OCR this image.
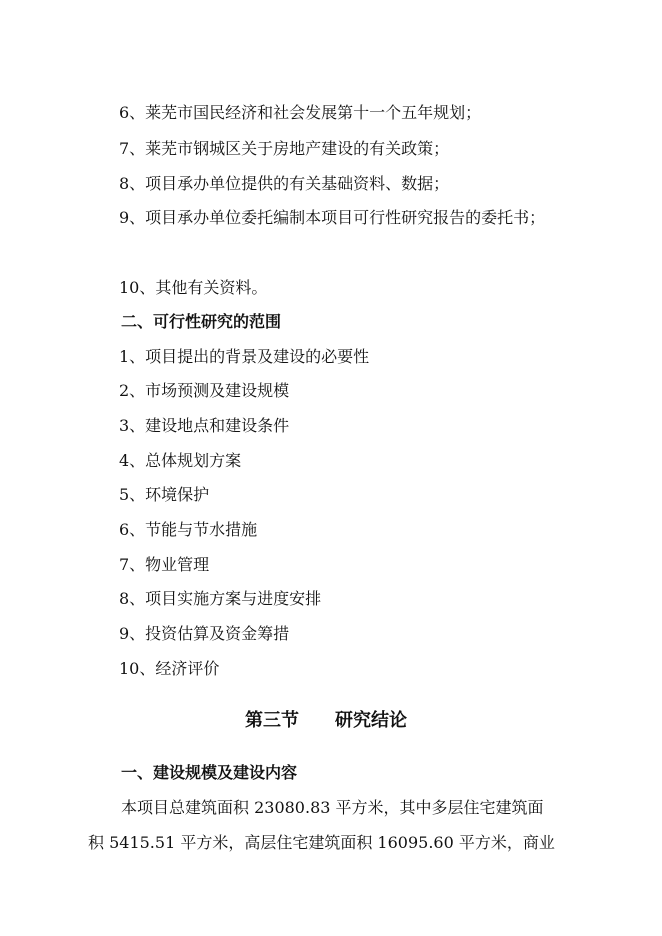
6、莱芜市国民经济和社会发展第十一个五年规划；
7、莱芜市钢城区关于房地产建设的有关政策；
8、项目承办单位提供的有关基础资料、数据；
9、项目承办单位委托编制本项目可行性研究报告的委托书；
10、其他有关资料。
二、可行性研究的范围
1、项目提出的背景及建设的必要性
2、市场预测及建设规模
3、建设地点和建设条件
4、总体规划方案
5、环境保护
6、节能与节水措施
7、物业管理
8、项目实施方案与进度安排
9、投资估算及资金筹措
10、经济评价
第三节 研究结论
一、建设规模及建设内容
本项目总建筑面积 23080.83 平方米，其中多层住宅建筑面
积 5415.51 平方米，高层住宅建筑面积 16095.60 平方米，商业
